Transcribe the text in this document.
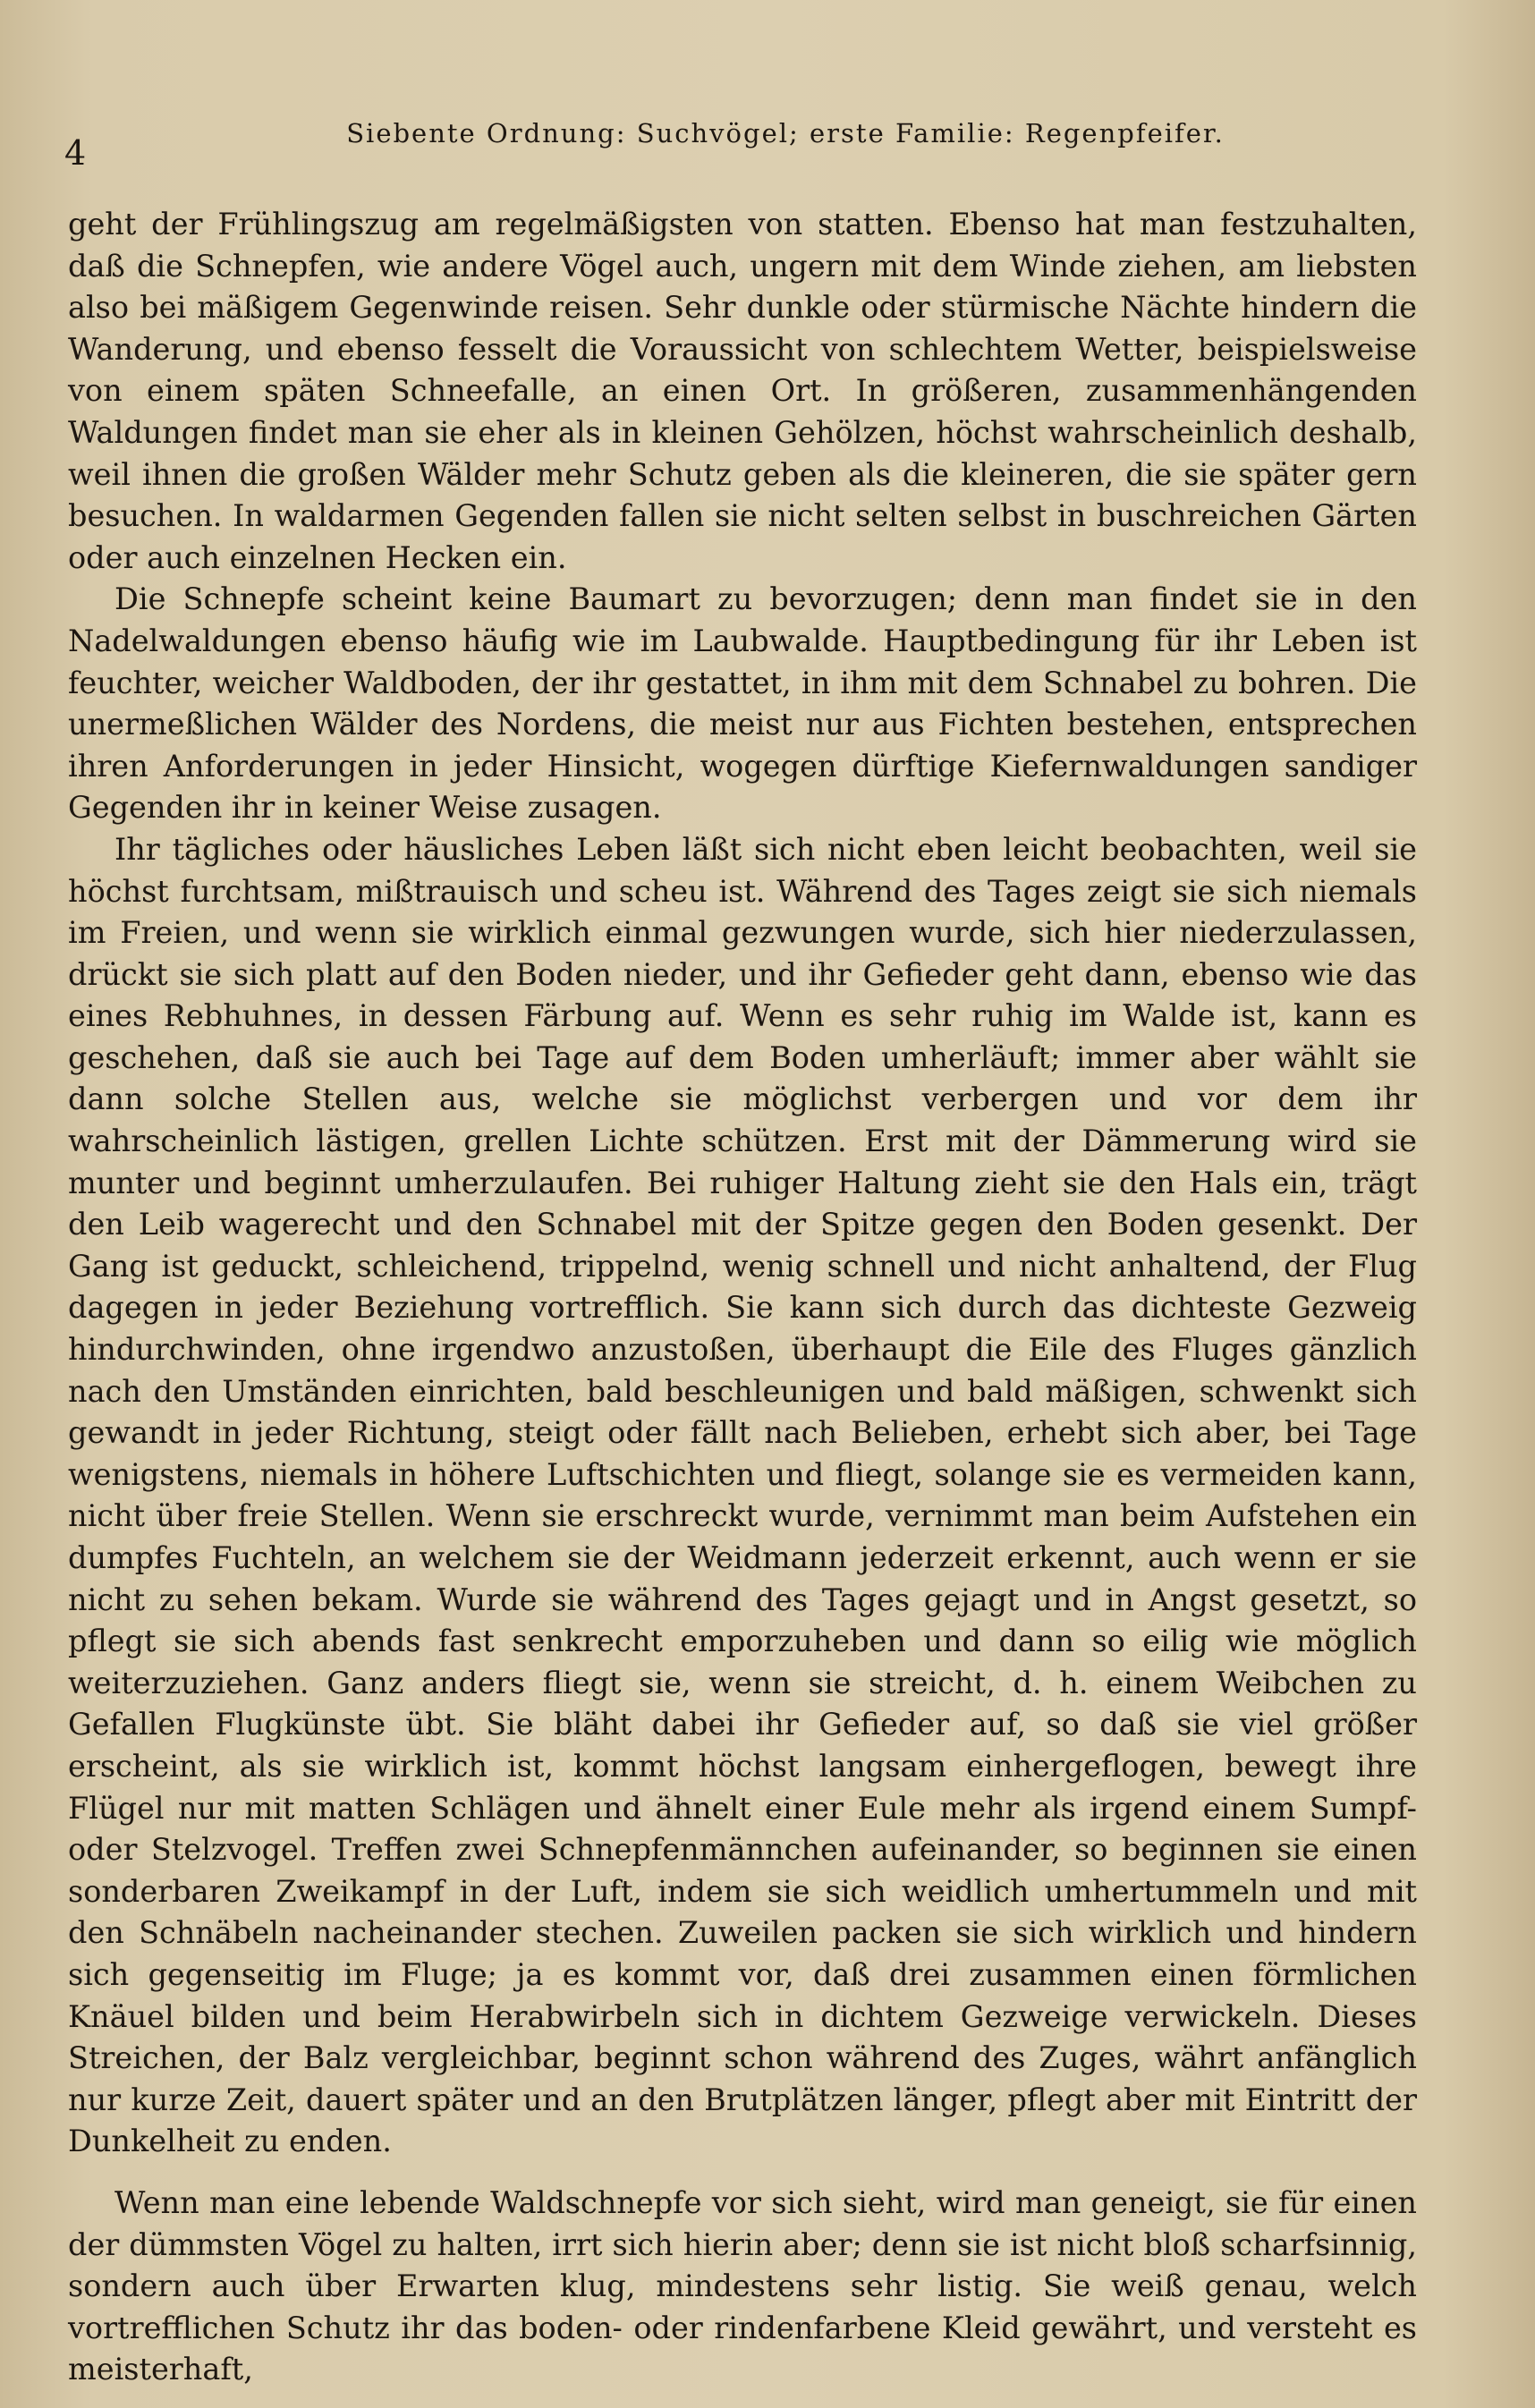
4	Siebente Ordnung: Suchvögel; erste Familie: Regenpfeifer.

geht der Frühlingszug am regelmäßigsten von statten. Ebenso hat man festzuhalten, daß die Schnepfen, wie andere Vögel auch, ungern mit dem Winde ziehen, am liebsten also bei mäßigem Gegenwinde reisen. Sehr dunkle oder stürmische Nächte hindern die Wanderung, und ebenso fesselt die Voraussicht von schlechtem Wetter, beispielsweise von einem späten Schneefalle, an einen Ort. In größeren, zusammenhängenden Waldungen findet man sie eher als in kleinen Gehölzen, höchst wahrscheinlich deshalb, weil ihnen die großen Wälder mehr Schutz geben als die kleineren, die sie später gern besuchen. In waldarmen Gegenden fallen sie nicht selten selbst in buschreichen Gärten oder auch einzelnen Hecken ein.

Die Schnepfe scheint keine Baumart zu bevorzugen; denn man findet sie in den Nadelwaldungen ebenso häufig wie im Laubwalde. Hauptbedingung für ihr Leben ist feuchter, weicher Waldboden, der ihr gestattet, in ihm mit dem Schnabel zu bohren. Die unermeßlichen Wälder des Nordens, die meist nur aus Fichten bestehen, entsprechen ihren Anforderungen in jeder Hinsicht, wogegen dürftige Kiefernwaldungen sandiger Gegenden ihr in keiner Weise zusagen.

Ihr tägliches oder häusliches Leben läßt sich nicht eben leicht beobachten, weil sie höchst furchtsam, mißtrauisch und scheu ist. Während des Tages zeigt sie sich niemals im Freien, und wenn sie wirklich einmal gezwungen wurde, sich hier niederzulassen, drückt sie sich platt auf den Boden nieder, und ihr Gefieder geht dann, ebenso wie das eines Rebhuhnes, in dessen Färbung auf. Wenn es sehr ruhig im Walde ist, kann es geschehen, daß sie auch bei Tage auf dem Boden umherläuft; immer aber wählt sie dann solche Stellen aus, welche sie möglichst verbergen und vor dem ihr wahrscheinlich lästigen, grellen Lichte schützen. Erst mit der Dämmerung wird sie munter und beginnt umherzulaufen. Bei ruhiger Haltung zieht sie den Hals ein, trägt den Leib wagerecht und den Schnabel mit der Spitze gegen den Boden gesenkt. Der Gang ist geduckt, schleichend, trippelnd, wenig schnell und nicht anhaltend, der Flug dagegen in jeder Beziehung vortrefflich. Sie kann sich durch das dichteste Gezweig hindurchwinden, ohne irgendwo anzustoßen, überhaupt die Eile des Fluges gänzlich nach den Umständen einrichten, bald beschleunigen und bald mäßigen, schwenkt sich gewandt in jeder Richtung, steigt oder fällt nach Belieben, erhebt sich aber, bei Tage wenigstens, niemals in höhere Luftschichten und fliegt, solange sie es vermeiden kann, nicht über freie Stellen. Wenn sie erschreckt wurde, vernimmt man beim Aufstehen ein dumpfes Fuchteln, an welchem sie der Weidmann jederzeit erkennt, auch wenn er sie nicht zu sehen bekam. Wurde sie während des Tages gejagt und in Angst gesetzt, so pflegt sie sich abends fast senkrecht emporzuheben und dann so eilig wie möglich weiterzuziehen. Ganz anders fliegt sie, wenn sie streicht, d. h. einem Weibchen zu Gefallen Flugkünste übt. Sie bläht dabei ihr Gefieder auf, so daß sie viel größer erscheint, als sie wirklich ist, kommt höchst langsam einhergeflogen, bewegt ihre Flügel nur mit matten Schlägen und ähnelt einer Eule mehr als irgend einem Sumpf- oder Stelzvogel. Treffen zwei Schnepfenmännchen aufeinander, so beginnen sie einen sonderbaren Zweikampf in der Luft, indem sie sich weidlich umhertummeln und mit den Schnäbeln nacheinander stechen. Zuweilen packen sie sich wirklich und hindern sich gegenseitig im Fluge; ja es kommt vor, daß drei zusammen einen förmlichen Knäuel bilden und beim Herabwirbeln sich in dichtem Gezweige verwickeln. Dieses Streichen, der Balz vergleichbar, beginnt schon während des Zuges, währt anfänglich nur kurze Zeit, dauert später und an den Brutplätzen länger, pflegt aber mit Eintritt der Dunkelheit zu enden.

Wenn man eine lebende Waldschnepfe vor sich sieht, wird man geneigt, sie für einen der dümmsten Vögel zu halten, irrt sich hierin aber; denn sie ist nicht bloß scharfsinnig, sondern auch über Erwarten klug, mindestens sehr listig. Sie weiß genau, welch vortrefflichen Schutz ihr das boden- oder rindenfarbene Kleid gewährt, und versteht es meisterhaft,
